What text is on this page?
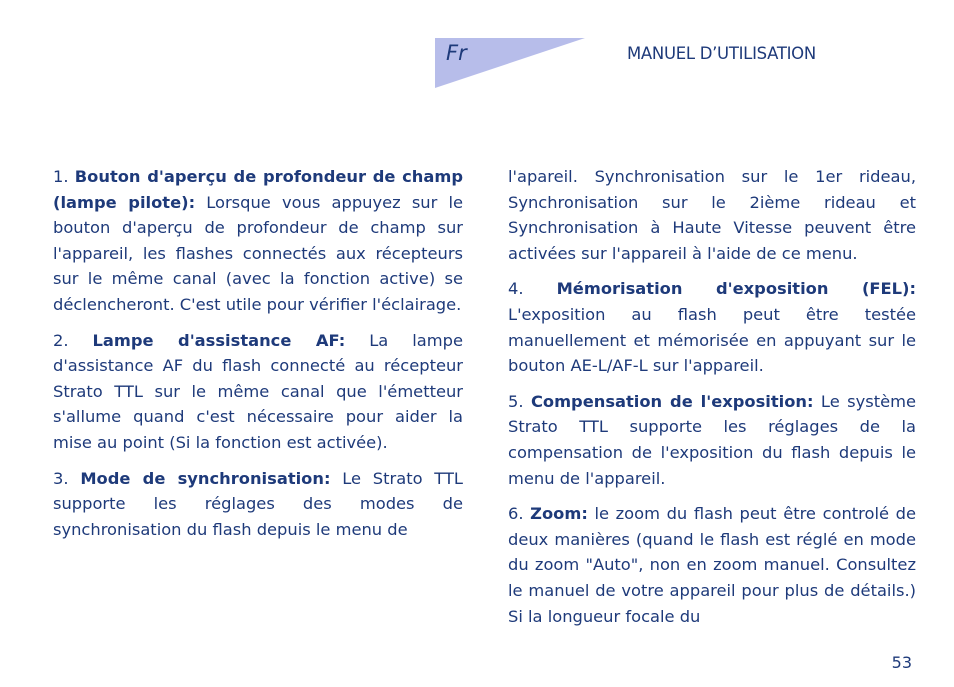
Fr	MANUEL D’UTILISATION

1. Bouton d'aperçu de profondeur de champ (lampe pilote): Lorsque vous appuyez sur le bouton d'aperçu de profondeur de champ sur l'appareil, les flashes connectés aux récepteurs sur le même canal (avec la fonction active) se déclencheront. C'est utile pour vérifier l'éclairage.

2. Lampe d'assistance AF: La lampe d'assistance AF du flash connecté au récepteur Strato TTL sur le même canal que l'émetteur s'allume quand c'est nécessaire pour aider la mise au point (Si la fonction est activée).

3. Mode de synchronisation: Le Strato TTL supporte les réglages des modes de synchronisation du flash depuis le menu de

l'apareil. Synchronisation sur le 1er rideau, Synchronisation sur le 2ième rideau et Synchronisation à Haute Vitesse peuvent être activées sur l'appareil à l'aide de ce menu.

4. Mémorisation d'exposition (FEL): L'exposition au flash peut être testée manuellement et mémorisée en appuyant sur le bouton AE-L/AF-L sur l'appareil.

5. Compensation de l'exposition: Le système Strato TTL supporte les réglages de la compensation de l'exposition du flash depuis le menu de l'appareil.

6. Zoom: le zoom du flash peut être controlé de deux manières (quand le flash est réglé en mode du zoom "Auto", non en zoom manuel. Consultez le manuel de votre appareil pour plus de détails.) Si la longueur focale du

53
